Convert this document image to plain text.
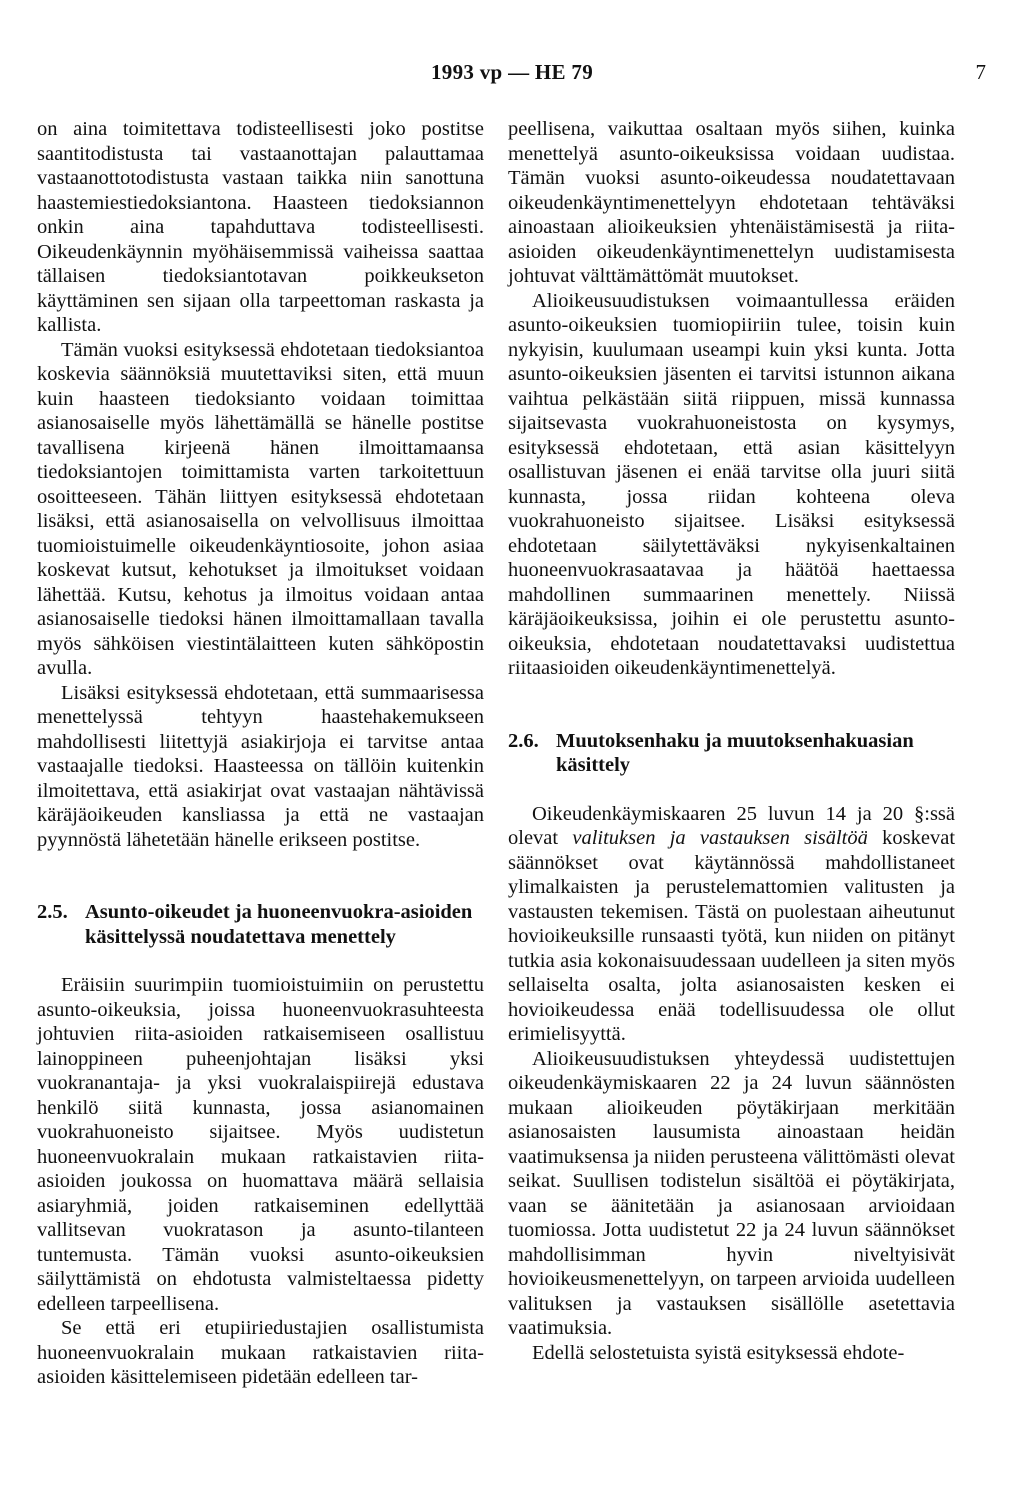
1993 vp — HE 79	7

on aina toimitettava todisteellisesti joko postitse saantitodistusta tai vastaanottajan palauttamaa vastaanottotodistusta vastaan taikka niin sanottuna haastemiestiedoksiantona. Haasteen tiedoksiannon onkin aina tapahduttava todisteellisesti. Oikeudenkäynnin myöhäisemmissä vaiheissa saattaa tällaisen tiedoksiantotavan poikkeukseton käyttäminen sen sijaan olla tarpeettoman raskasta ja kallista.

Tämän vuoksi esityksessä ehdotetaan tiedoksiantoa koskevia säännöksiä muutettaviksi siten, että muun kuin haasteen tiedoksianto voidaan toimittaa asianosaiselle myös lähettämällä se hänelle postitse tavallisena kirjeenä hänen ilmoittamaansa tiedoksiantojen toimittamista varten tarkoitettuun osoitteeseen. Tähän liittyen esityksessä ehdotetaan lisäksi, että asianosaisella on velvollisuus ilmoittaa tuomioistuimelle oikeudenkäyntiosoite, johon asiaa koskevat kutsut, kehotukset ja ilmoitukset voidaan lähettää. Kutsu, kehotus ja ilmoitus voidaan antaa asianosaiselle tiedoksi hänen ilmoittamallaan tavalla myös sähköisen viestintälaitteen kuten sähköpostin avulla.

Lisäksi esityksessä ehdotetaan, että summaarisessa menettelyssä tehtyyn haastehakemukseen mahdollisesti liitettyjä asiakirjoja ei tarvitse antaa vastaajalle tiedoksi. Haasteessa on tällöin kuitenkin ilmoitettava, että asiakirjat ovat vastaajan nähtävissä käräjäoikeuden kansliassa ja että ne vastaajan pyynnöstä lähetetään hänelle erikseen postitse.

2.5. Asunto-oikeudet ja huoneenvuokra-asioiden käsittelyssä noudatettava menettely

Eräisiin suurimpiin tuomioistuimiin on perustettu asunto-oikeuksia, joissa huoneenvuokrasuhteesta johtuvien riita-asioiden ratkaisemiseen osallistuu lainoppineen puheenjohtajan lisäksi yksi vuokranantaja- ja yksi vuokralaispiirejä edustava henkilö siitä kunnasta, jossa asianomainen vuokrahuoneisto sijaitsee. Myös uudistetun huoneenvuokralain mukaan ratkaistavien riita-asioiden joukossa on huomattava määrä sellaisia asiaryhmiä, joiden ratkaiseminen edellyttää vallitsevan vuokratason ja asunto-tilanteen tuntemusta. Tämän vuoksi asunto-oikeuksien säilyttämistä on ehdotusta valmisteltaessa pidetty edelleen tarpeellisena.

Se että eri etupiiriedustajien osallistumista huoneenvuokralain mukaan ratkaistavien riita-asioiden käsittelemiseen pidetään edelleen tar-

peellisena, vaikuttaa osaltaan myös siihen, kuinka menettelyä asunto-oikeuksissa voidaan uudistaa. Tämän vuoksi asunto-oikeudessa noudatettavaan oikeudenkäyntimenettelyyn ehdotetaan tehtäväksi ainoastaan alioikeuksien yhtenäistämisestä ja riita-asioiden oikeudenkäyntimenettelyn uudistamisesta johtuvat välttämättömät muutokset.

Alioikeusuudistuksen voimaantullessa eräiden asunto-oikeuksien tuomiopiiriin tulee, toisin kuin nykyisin, kuulumaan useampi kuin yksi kunta. Jotta asunto-oikeuksien jäsenten ei tarvitsi istunnon aikana vaihtua pelkästään siitä riippuen, missä kunnassa sijaitsevasta vuokrahuoneistosta on kysymys, esityksessä ehdotetaan, että asian käsittelyyn osallistuvan jäsenen ei enää tarvitse olla juuri siitä kunnasta, jossa riidan kohteena oleva vuokrahuoneisto sijaitsee. Lisäksi esityksessä ehdotetaan säilytettäväksi nykyisenkaltainen huoneenvuokrasaatavaa ja häätöä haettaessa mahdollinen summaarinen menettely. Niissä käräjäoikeuksissa, joihin ei ole perustettu asunto-oikeuksia, ehdotetaan noudatettavaksi uudistettua riitaasioiden oikeudenkäyntimenettelyä.

2.6. Muutoksenhaku ja muutoksenhakuasian käsittely

Oikeudenkäymiskaaren 25 luvun 14 ja 20 §:ssä olevat valituksen ja vastauksen sisältöä koskevat säännökset ovat käytännössä mahdollistaneet ylimalkaisten ja perustelemattomien valitusten ja vastausten tekemisen. Tästä on puolestaan aiheutunut hovioikeuksille runsaasti työtä, kun niiden on pitänyt tutkia asia kokonaisuudessaan uudelleen ja siten myös sellaiselta osalta, jolta asianosaisten kesken ei hovioikeudessa enää todellisuudessa ole ollut erimielisyyttä.

Alioikeusuudistuksen yhteydessä uudistettujen oikeudenkäymiskaaren 22 ja 24 luvun säännösten mukaan alioikeuden pöytäkirjaan merkitään asianosaisten lausumista ainoastaan heidän vaatimuksensa ja niiden perusteena välittömästi olevat seikat. Suullisen todistelun sisältöä ei pöytäkirjata, vaan se äänitetään ja asianosaan arvioidaan tuomiossa. Jotta uudistetut 22 ja 24 luvun säännökset mahdollisimman hyvin niveltyisivät hovioikeusmenettelyyn, on tarpeen arvioida uudelleen valituksen ja vastauksen sisällölle asetettavia vaatimuksia.

Edellä selostetuista syistä esityksessä ehdote-
